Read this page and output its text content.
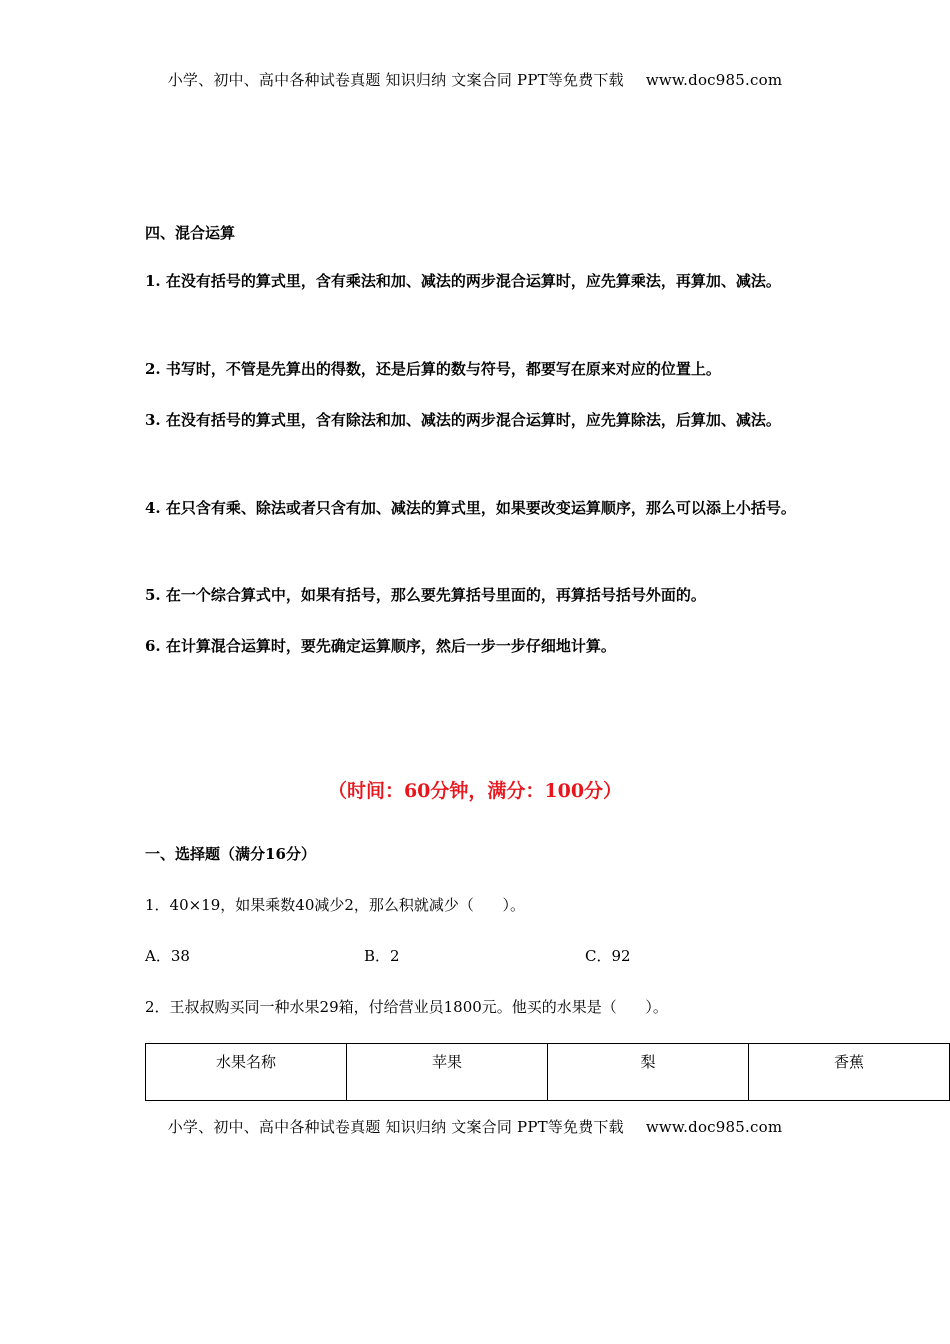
小学、初中、高中各种试卷真题 知识归纳 文案合同 PPT等免费下载 www.doc985.com
四、混合运算
1. 在没有括号的算式里，含有乘法和加、减法的两步混合运算时，应先算乘法，再算加、减法。
2. 书写时，不管是先算出的得数，还是后算的数与符号，都要写在原来对应的位置上。
3. 在没有括号的算式里，含有除法和加、减法的两步混合运算时，应先算除法，后算加、减法。
4. 在只含有乘、除法或者只含有加、减法的算式里，如果要改变运算顺序，那么可以添上小括号。
5. 在一个综合算式中，如果有括号，那么要先算括号里面的，再算括号括号外面的。
6. 在计算混合运算时，要先确定运算顺序，然后一步一步仔细地计算。
（时间：60分钟，满分：100分）
一、选择题（满分16分）
1．40×19，如果乘数40减少2，那么积就减少（      ）。
A．38	B．2	C．92
2．王叔叔购买同一种水果29箱，付给营业员1800元。他买的水果是（      ）。
水果名称	苹果	梨	香蕉
小学、初中、高中各种试卷真题 知识归纳 文案合同 PPT等免费下载 www.doc985.com
